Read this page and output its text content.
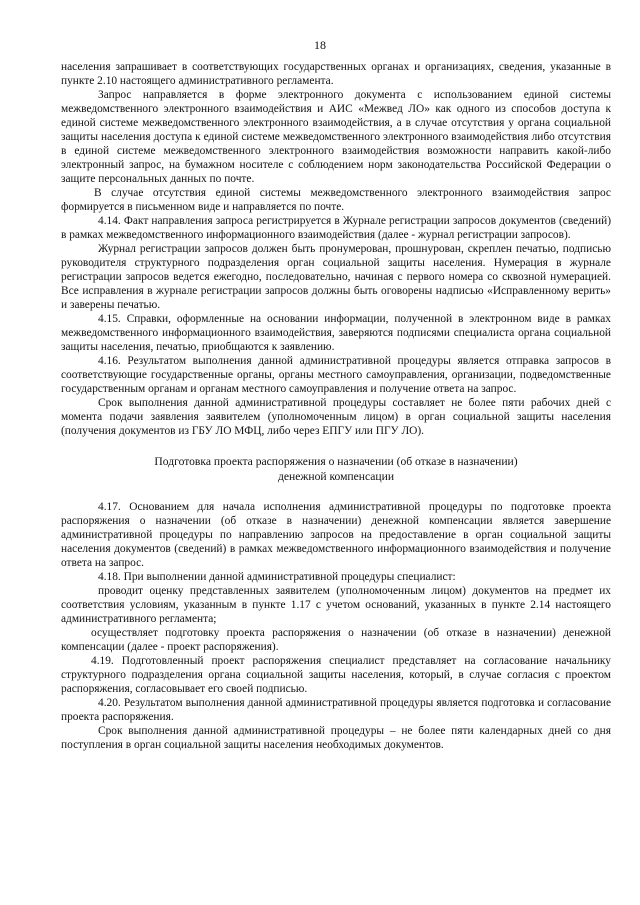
18

населения запрашивает в соответствующих государственных органах и организациях, сведения, указанные в пункте 2.10 настоящего административного регламента.

Запрос направляется в форме электронного документа с использованием единой системы межведомственного электронного взаимодействия и АИС «Межвед ЛО» как одного из способов доступа к единой системе межведомственного электронного взаимодействия, а в случае отсутствия у органа социальной защиты населения доступа к единой системе межведомственного электронного взаимодействия либо отсутствия в единой системе межведомственного электронного взаимодействия возможности направить какой-либо электронный запрос, на бумажном носителе с соблюдением норм законодательства Российской Федерации о защите персональных данных по почте.

В случае отсутствия единой системы межведомственного электронного взаимодействия запрос формируется в письменном виде и направляется по почте.

4.14. Факт направления запроса регистрируется в Журнале регистрации запросов документов (сведений) в рамках межведомственного информационного взаимодействия (далее - журнал регистрации запросов).

Журнал регистрации запросов должен быть пронумерован, прошнурован, скреплен печатью, подписью руководителя структурного подразделения орган социальной защиты населения. Нумерация в журнале регистрации запросов ведется ежегодно, последовательно, начиная с первого номера со сквозной нумерацией. Все исправления в журнале регистрации запросов должны быть оговорены надписью «Исправленному верить» и заверены печатью.

4.15. Справки, оформленные на основании информации, полученной в электронном виде в рамках межведомственного информационного взаимодействия, заверяются подписями специалиста органа социальной защиты населения, печатью, приобщаются к заявлению.

4.16. Результатом выполнения данной административной процедуры является отправка запросов в соответствующие государственные органы, органы местного самоуправления, организации, подведомственные государственным органам и органам местного самоуправления и получение ответа на запрос.

Срок выполнения данной административной процедуры составляет не более пяти рабочих дней с момента подачи заявления заявителем (уполномоченным лицом) в орган социальной защиты населения (получения документов из ГБУ ЛО МФЦ, либо через ЕПГУ или ПГУ ЛО).

Подготовка проекта распоряжения о назначении (об отказе в назначении)
денежной компенсации

4.17. Основанием для начала исполнения административной процедуры по подготовке проекта распоряжения о назначении (об отказе в назначении) денежной компенсации является завершение административной процедуры по направлению запросов на предоставление в орган социальной защиты населения документов (сведений) в рамках межведомственного информационного взаимодействия и получение ответа на запрос.

4.18. При выполнении данной административной процедуры специалист:

проводит оценку представленных заявителем (уполномоченным лицом) документов на предмет их соответствия условиям, указанным в пункте 1.17 с учетом оснований, указанных в пункте 2.14 настоящего административного регламента;

осуществляет подготовку проекта распоряжения о назначении (об отказе в назначении) денежной компенсации (далее - проект распоряжения).

4.19. Подготовленный проект распоряжения специалист представляет на согласование начальнику структурного подразделения органа социальной защиты населения, который, в случае согласия с проектом распоряжения, согласовывает его своей подписью.

4.20. Результатом выполнения данной административной процедуры является подготовка и согласование проекта распоряжения.

Срок выполнения данной административной процедуры – не более пяти календарных дней со дня поступления в орган социальной защиты населения необходимых документов.
